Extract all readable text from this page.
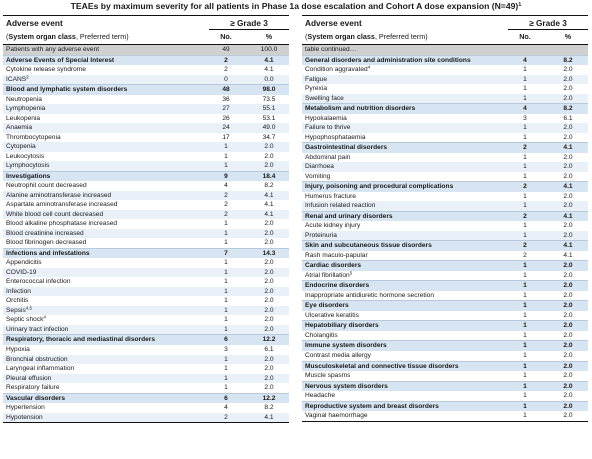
TEAEs by maximum severity for all patients in Phase 1a dose escalation and Cohort A dose expansion (N=49)$^1$
Adverse event
(System organ class, Preferred term)
≥ Grade 3
No.	%
Patients with any adverse event	49	100.0
Adverse Events of Special Interest	2	4.1
Cytokine release syndrome	2	4.1
ICANS$^2$	0	0.0
Blood and lymphatic system disorders	48	98.0
Neutropenia	36	73.5
Lymphopenia	27	55.1
Leukopenia	26	53.1
Anaemia	24	49.0
Thrombocytopenia	17	34.7
Cytopenia	1	2.0
Leukocytosis	1	2.0
Lymphocytosis	1	2.0
Investigations	9	18.4
Neutrophil count decreased	4	8.2
Alanine aminotransferase increased	2	4.1
Aspartate aminotransferase increased	2	4.1
White blood cell count decreased	2	4.1
Blood alkaline phosphatase increased	1	2.0
Blood creatinine increased	1	2.0
Blood fibrinogen decreased	1	2.0
Infections and infestations	7	14.3
Appendicitis	1	2.0
COVID-19	1	2.0
Enterococcal infection	1	2.0
Infection	1	2.0
Orchitis	1	2.0
Sepsis$^{4,5}$	1	2.0
Septic shock$^4$	1	2.0
Urinary tract infection	1	2.0
Respiratory, thoracic and mediastinal disorders	6	12.2
Hypoxia	3	6.1
Bronchial obstruction	1	2.0
Laryngeal inflammation	1	2.0
Pleural effusion	1	2.0
Respiratory failure	1	2.0
Vascular disorders	6	12.2
Hypertension	4	8.2
Hypotension	2	4.1
Adverse event
(System organ class, Preferred term)
≥ Grade 3
No.	%
table continued…
General disorders and administration site conditions	4	8.2
Condition aggravated$^4$	1	2.0
Fatigue	1	2.0
Pyrexia	1	2.0
Swelling face	1	2.0
Metabolism and nutrition disorders	4	8.2
Hypokalaemia	3	6.1
Failure to thrive	1	2.0
Hypophosphataemia	1	2.0
Gastrointestinal disorders	2	4.1
Abdominal pain	1	2.0
Diarrhoea	1	2.0
Vomiting	1	2.0
Injury, poisoning and procedural complications	2	4.1
Humerus fracture	1	2.0
Infusion related reaction	1	2.0
Renal and urinary disorders	2	4.1
Acute kidney injury	1	2.0
Proteinuria	1	2.0
Skin and subcutaneous tissue disorders	2	4.1
Rash maculo-papular	2	4.1
Cardiac disorders	1	2.0
Atrial fibrillation$^5$	1	2.0
Endocrine disorders	1	2.0
Inappropriate antidiuretic hormone secretion	1	2.0
Eye disorders	1	2.0
Ulcerative keratitis	1	2.0
Hepatobiliary disorders	1	2.0
Cholangitis	1	2.0
Immune system disorders	1	2.0
Contrast media allergy	1	2.0
Musculoskeletal and connective tissue disorders	1	2.0
Muscle spasms	1	2.0
Nervous system disorders	1	2.0
Headache	1	2.0
Reproductive system and breast disorders	1	2.0
Vaginal haemorrhage	1	2.0
